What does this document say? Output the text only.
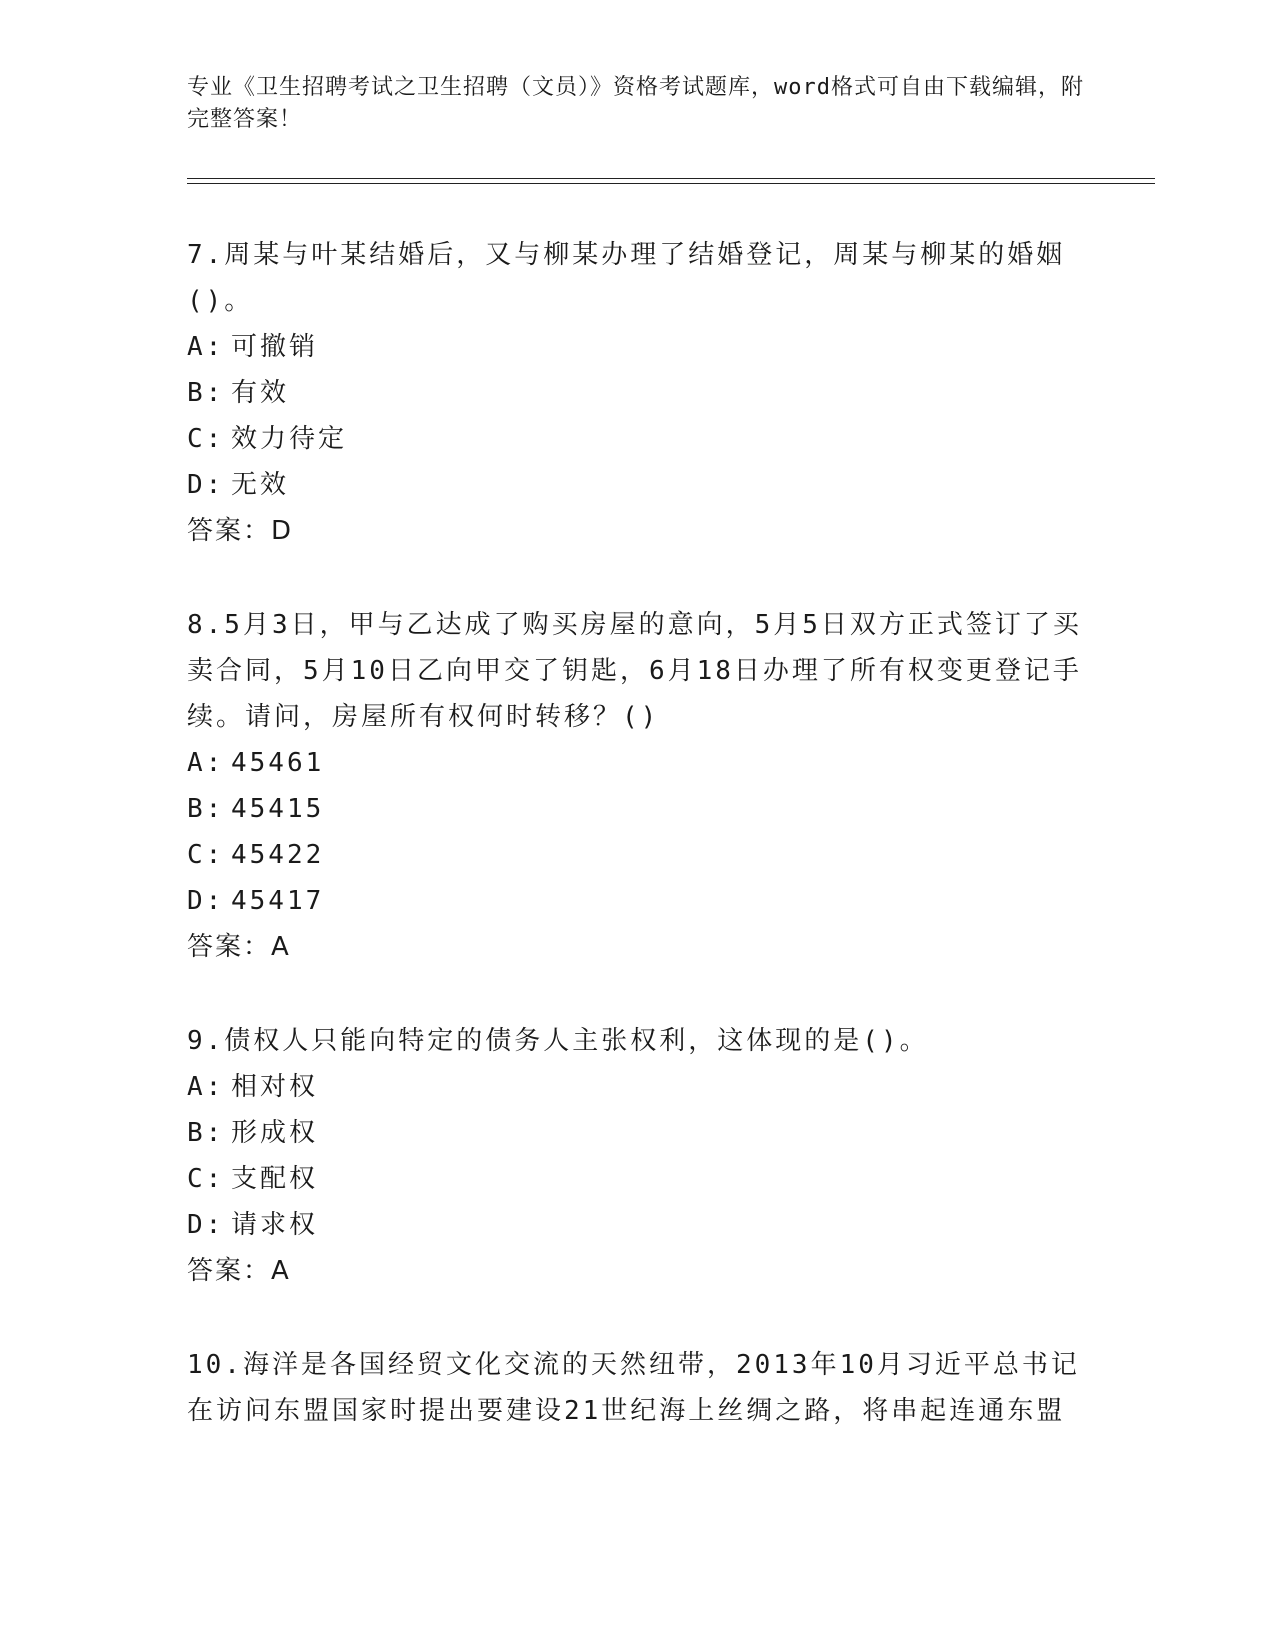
专业《卫生招聘考试之卫生招聘（文员）》资格考试题库，word格式可自由下载编辑，附完整答案！

7.周某与叶某结婚后，又与柳某办理了结婚登记，周某与柳某的婚姻()。

A: 可撤销
B: 有效
C: 效力待定
D: 无效

答案：D

8.5月3日，甲与乙达成了购买房屋的意向，5月5日双方正式签订了买卖合同，5月10日乙向甲交了钥匙，6月18日办理了所有权变更登记手续。请问，房屋所有权何时转移？()

A: 45461
B: 45415
C: 45422
D: 45417

答案：A

9.债权人只能向特定的债务人主张权利，这体现的是()。

A: 相对权
B: 形成权
C: 支配权
D: 请求权

答案：A

10.海洋是各国经贸文化交流的天然纽带，2013年10月习近平总书记在访问东盟国家时提出要建设21世纪海上丝绸之路，将串起连通东盟
